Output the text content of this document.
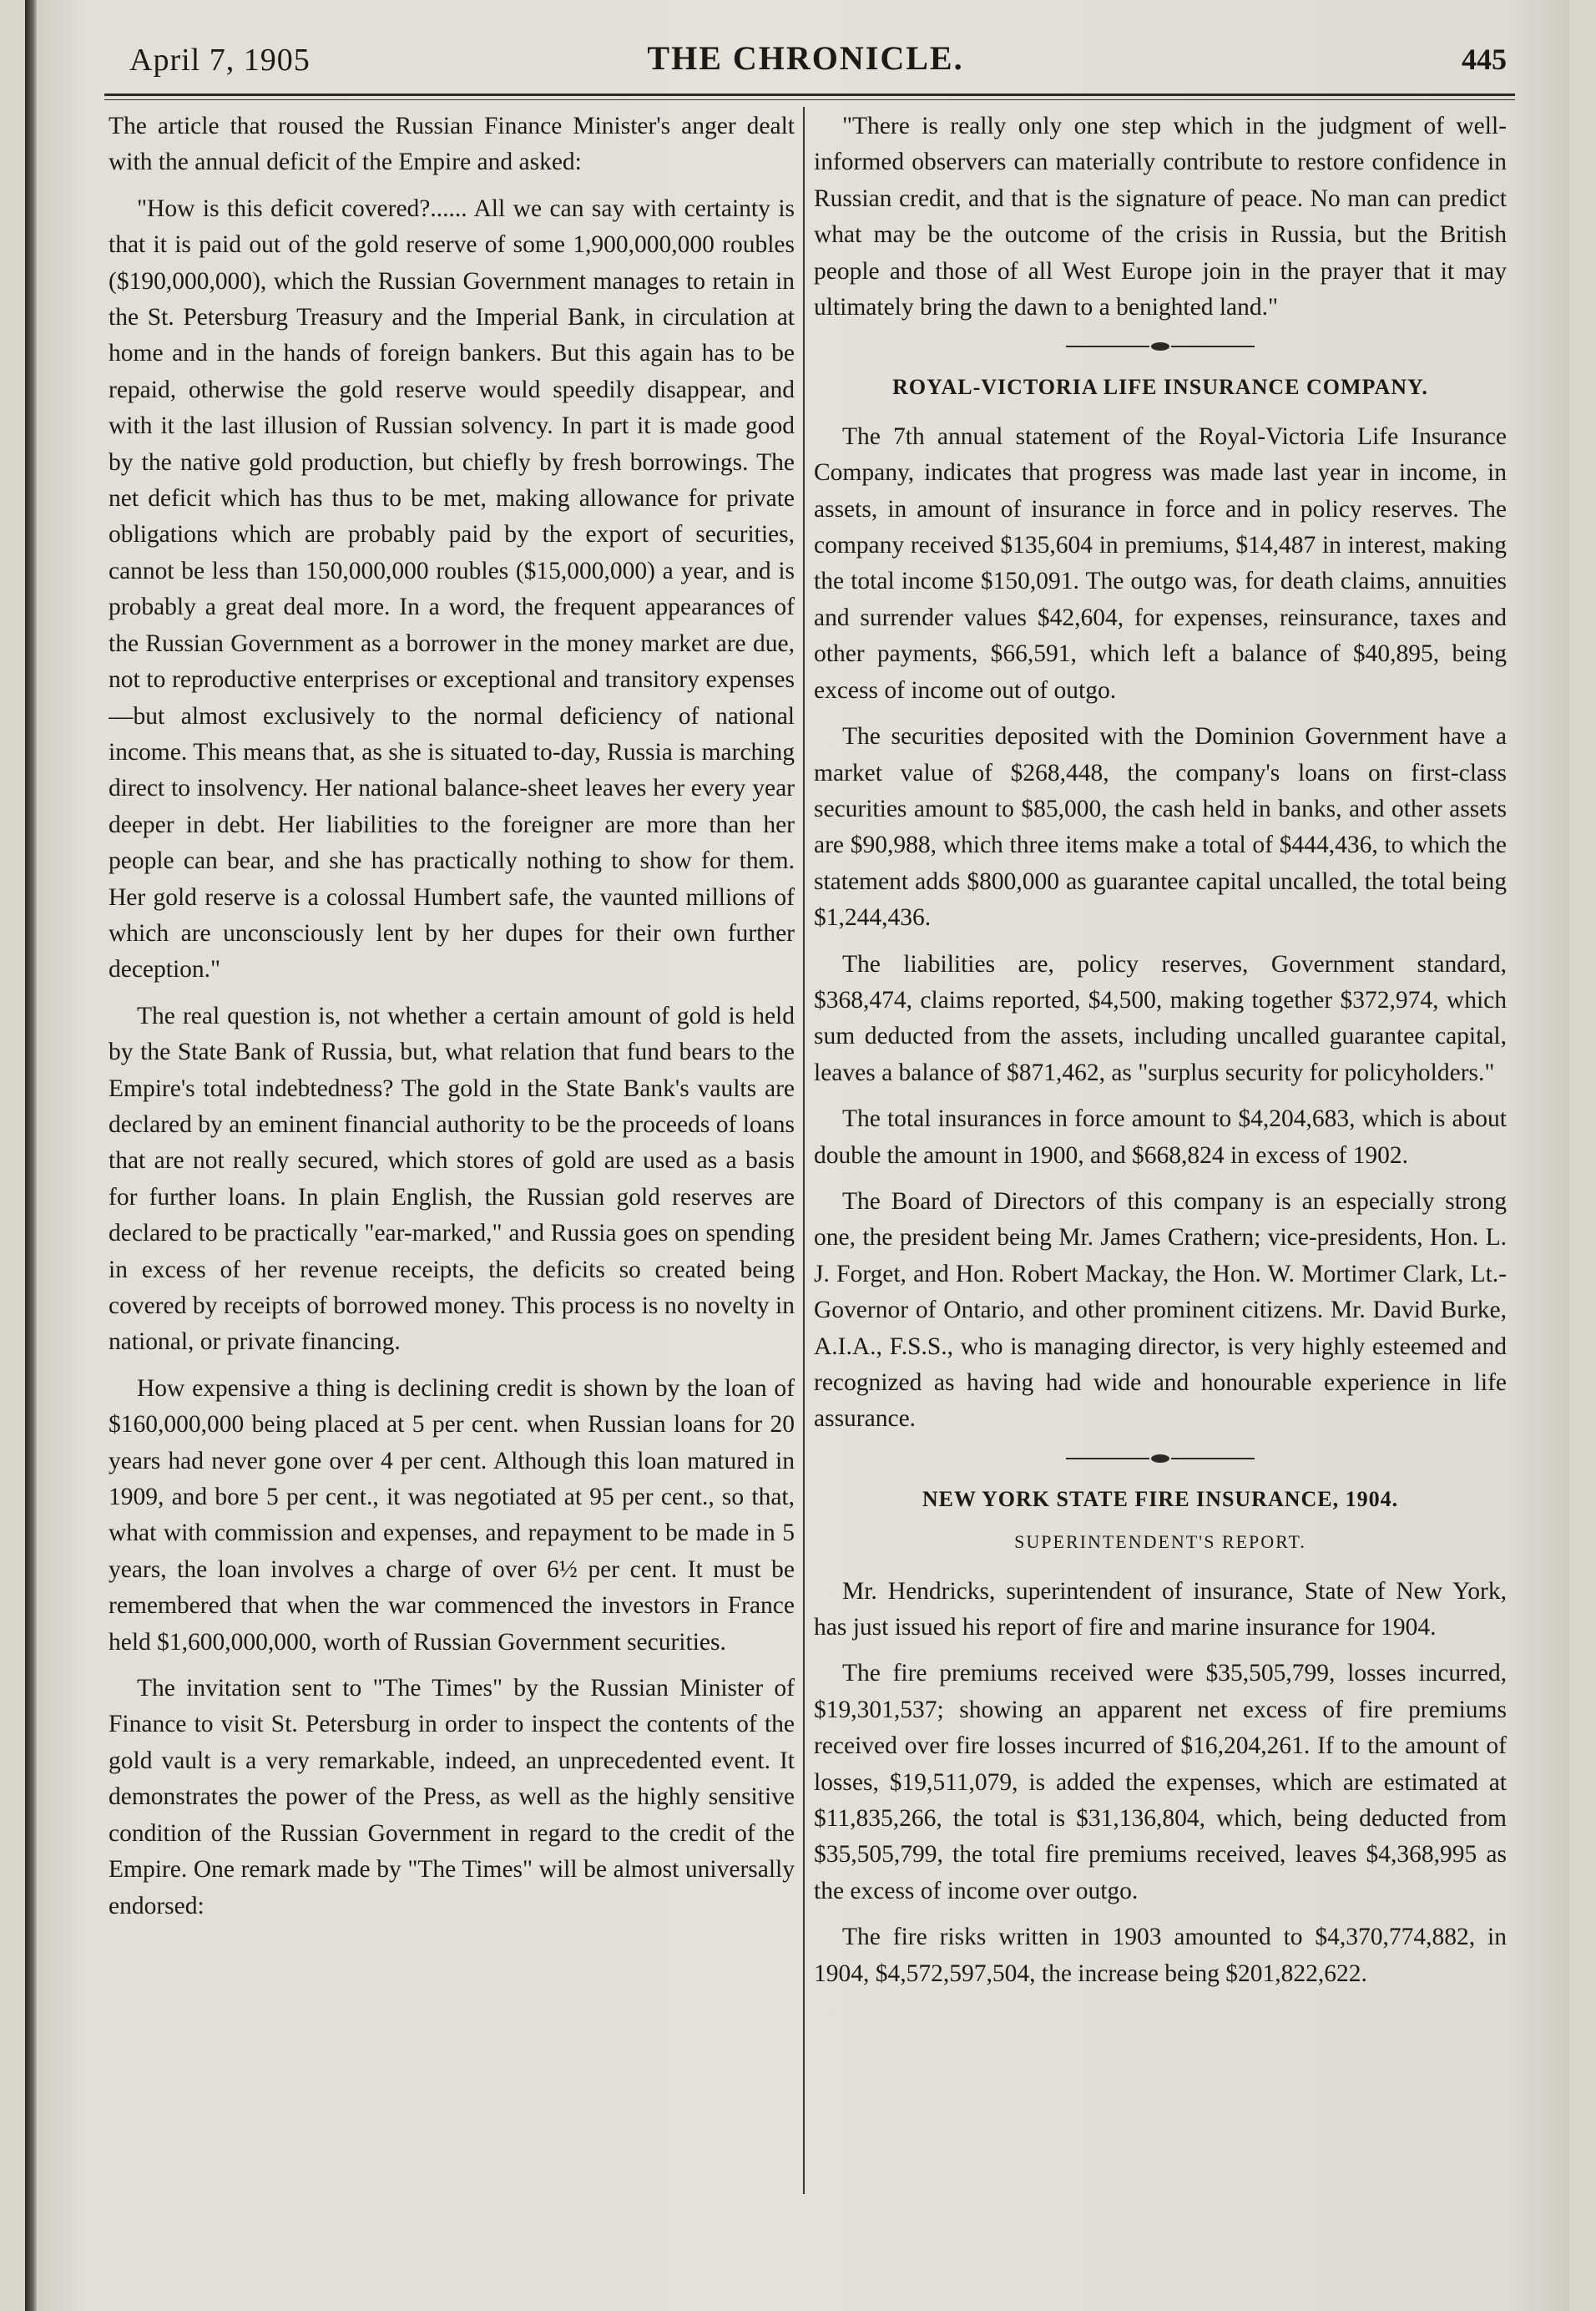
April 7, 1905	THE CHRONICLE.	445

The article that roused the Russian Finance Minister's anger dealt with the annual deficit of the Empire and asked:

"How is this deficit covered?...... All we can say with certainty is that it is paid out of the gold reserve of some 1,900,000,000 roubles ($190,000,000), which the Russian Government manages to retain in the St. Petersburg Treasury and the Imperial Bank, in circulation at home and in the hands of foreign bankers. But this again has to be repaid, otherwise the gold reserve would speedily disappear, and with it the last illusion of Russian solvency. In part it is made good by the native gold production, but chiefly by fresh borrowings. The net deficit which has thus to be met, making allowance for private obligations which are probably paid by the export of securities, cannot be less than 150,000,000 roubles ($15,000,000) a year, and is probably a great deal more. In a word, the frequent appearances of the Russian Government as a borrower in the money market are due, not to reproductive enterprises or exceptional and transitory expenses—but almost exclusively to the normal deficiency of national income. This means that, as she is situated to-day, Russia is marching direct to insolvency. Her national balance-sheet leaves her every year deeper in debt. Her liabilities to the foreigner are more than her people can bear, and she has practically nothing to show for them. Her gold reserve is a colossal Humbert safe, the vaunted millions of which are unconsciously lent by her dupes for their own further deception."

The real question is, not whether a certain amount of gold is held by the State Bank of Russia, but, what relation that fund bears to the Empire's total indebtedness? The gold in the State Bank's vaults are declared by an eminent financial authority to be the proceeds of loans that are not really secured, which stores of gold are used as a basis for further loans. In plain English, the Russian gold reserves are declared to be practically "ear-marked," and Russia goes on spending in excess of her revenue receipts, the deficits so created being covered by receipts of borrowed money. This process is no novelty in national, or private financing.

How expensive a thing is declining credit is shown by the loan of $160,000,000 being placed at 5 per cent. when Russian loans for 20 years had never gone over 4 per cent. Although this loan matured in 1909, and bore 5 per cent., it was negotiated at 95 per cent., so that, what with commission and expenses, and repayment to be made in 5 years, the loan involves a charge of over 6½ per cent. It must be remembered that when the war commenced the investors in France held $1,600,000,000, worth of Russian Government securities.

The invitation sent to "The Times" by the Russian Minister of Finance to visit St. Petersburg in order to inspect the contents of the gold vault is a very remarkable, indeed, an unprecedented event. It demonstrates the power of the Press, as well as the highly sensitive condition of the Russian Government in regard to the credit of the Empire. One remark made by "The Times" will be almost universally endorsed:

"There is really only one step which in the judgment of well-informed observers can materially contribute to restore confidence in Russian credit, and that is the signature of peace. No man can predict what may be the outcome of the crisis in Russia, but the British people and those of all West Europe join in the prayer that it may ultimately bring the dawn to a benighted land."

ROYAL-VICTORIA LIFE INSURANCE COMPANY.

The 7th annual statement of the Royal-Victoria Life Insurance Company, indicates that progress was made last year in income, in assets, in amount of insurance in force and in policy reserves. The company received $135,604 in premiums, $14,487 in interest, making the total income $150,091. The outgo was, for death claims, annuities and surrender values $42,604, for expenses, reinsurance, taxes and other payments, $66,591, which left a balance of $40,895, being excess of income out of outgo.

The securities deposited with the Dominion Government have a market value of $268,448, the company's loans on first-class securities amount to $85,000, the cash held in banks, and other assets are $90,988, which three items make a total of $444,436, to which the statement adds $800,000 as guarantee capital uncalled, the total being $1,244,436.

The liabilities are, policy reserves, Government standard, $368,474, claims reported, $4,500, making together $372,974, which sum deducted from the assets, including uncalled guarantee capital, leaves a balance of $871,462, as "surplus security for policyholders."

The total insurances in force amount to $4,204,683, which is about double the amount in 1900, and $668,824 in excess of 1902.

The Board of Directors of this company is an especially strong one, the president being Mr. James Crathern; vice-presidents, Hon. L. J. Forget, and Hon. Robert Mackay, the Hon. W. Mortimer Clark, Lt.-Governor of Ontario, and other prominent citizens. Mr. David Burke, A.I.A., F.S.S., who is managing director, is very highly esteemed and recognized as having had wide and honourable experience in life assurance.

NEW YORK STATE FIRE INSURANCE, 1904.
SUPERINTENDENT'S REPORT.

Mr. Hendricks, superintendent of insurance, State of New York, has just issued his report of fire and marine insurance for 1904.

The fire premiums received were $35,505,799, losses incurred, $19,301,537; showing an apparent net excess of fire premiums received over fire losses incurred of $16,204,261. If to the amount of losses, $19,511,079, is added the expenses, which are estimated at $11,835,266, the total is $31,136,804, which, being deducted from $35,505,799, the total fire premiums received, leaves $4,368,995 as the excess of income over outgo.

The fire risks written in 1903 amounted to $4,370,774,882, in 1904, $4,572,597,504, the increase being $201,822,622.
